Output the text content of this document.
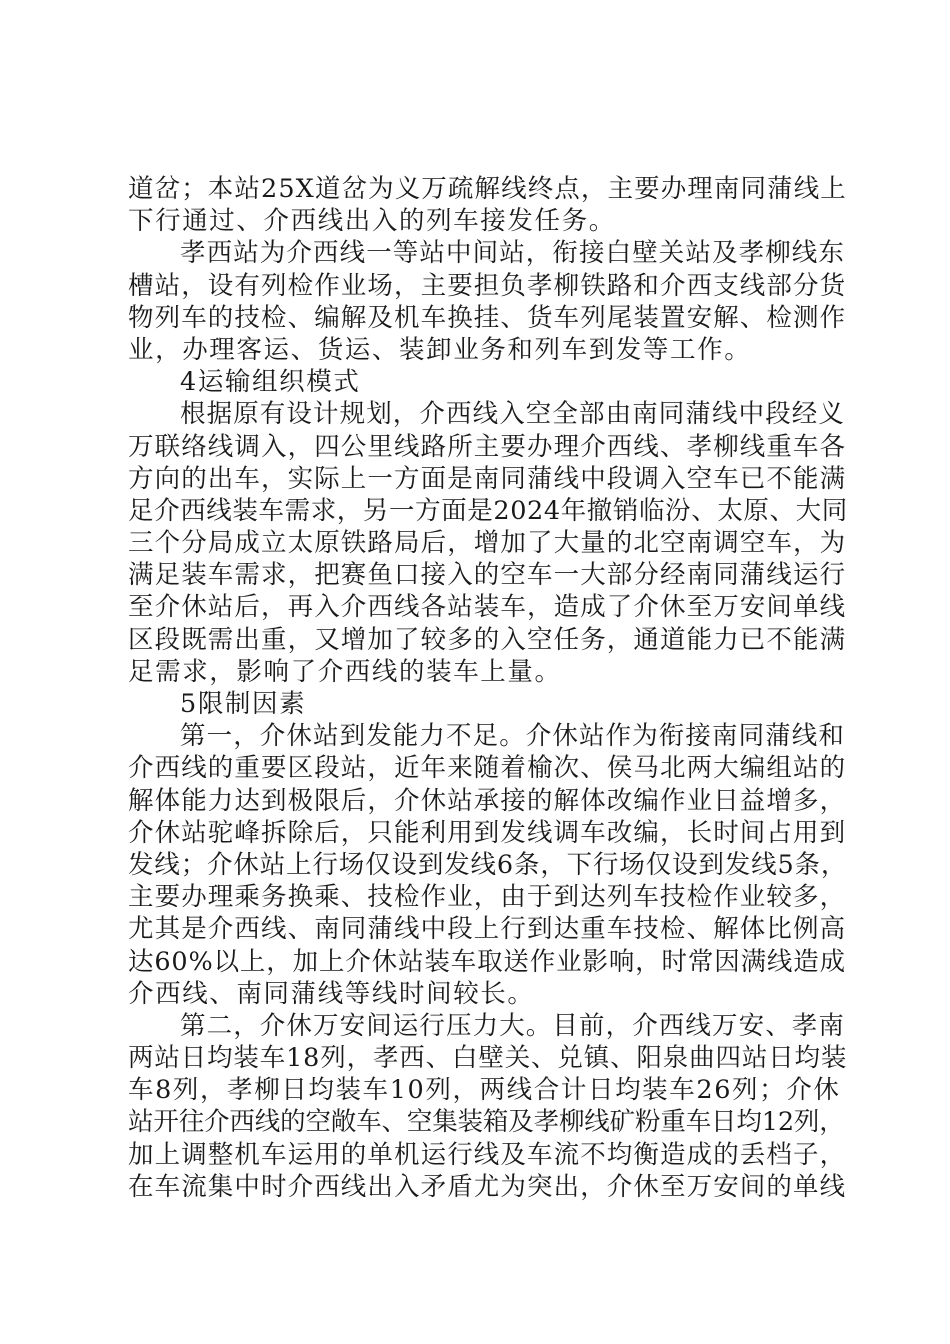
道岔；本站25X道岔为义万疏解线终点，主要办理南同蒲线上
下行通过、介西线出入的列车接发任务。
孝西站为介西线一等站中间站，衔接白壁关站及孝柳线东
槽站，设有列检作业场，主要担负孝柳铁路和介西支线部分货
物列车的技检、编解及机车换挂、货车列尾装置安解、检测作
业，办理客运、货运、装卸业务和列车到发等工作。
4运输组织模式
根据原有设计规划，介西线入空全部由南同蒲线中段经义
万联络线调入，四公里线路所主要办理介西线、孝柳线重车各
方向的出车，实际上一方面是南同蒲线中段调入空车已不能满
足介西线装车需求，另一方面是2024年撤销临汾、太原、大同
三个分局成立太原铁路局后，增加了大量的北空南调空车，为
满足装车需求，把赛鱼口接入的空车一大部分经南同蒲线运行
至介休站后，再入介西线各站装车，造成了介休至万安间单线
区段既需出重，又增加了较多的入空任务，通道能力已不能满
足需求，影响了介西线的装车上量。
5限制因素
第一，介休站到发能力不足。介休站作为衔接南同蒲线和
介西线的重要区段站，近年来随着榆次、侯马北两大编组站的
解体能力达到极限后，介休站承接的解体改编作业日益增多，
介休站驼峰拆除后，只能利用到发线调车改编，长时间占用到
发线；介休站上行场仅设到发线6条，下行场仅设到发线5条，
主要办理乘务换乘、技检作业，由于到达列车技检作业较多，
尤其是介西线、南同蒲线中段上行到达重车技检、解体比例高
达60%以上，加上介休站装车取送作业影响，时常因满线造成
介西线、南同蒲线等线时间较长。
第二，介休万安间运行压力大。目前，介西线万安、孝南
两站日均装车18列，孝西、白壁关、兑镇、阳泉曲四站日均装
车8列，孝柳日均装车10列，两线合计日均装车26列；介休
站开往介西线的空敞车、空集装箱及孝柳线矿粉重车日均12列，
加上调整机车运用的单机运行线及车流不均衡造成的丢档子，
在车流集中时介西线出入矛盾尤为突出，介休至万安间的单线
